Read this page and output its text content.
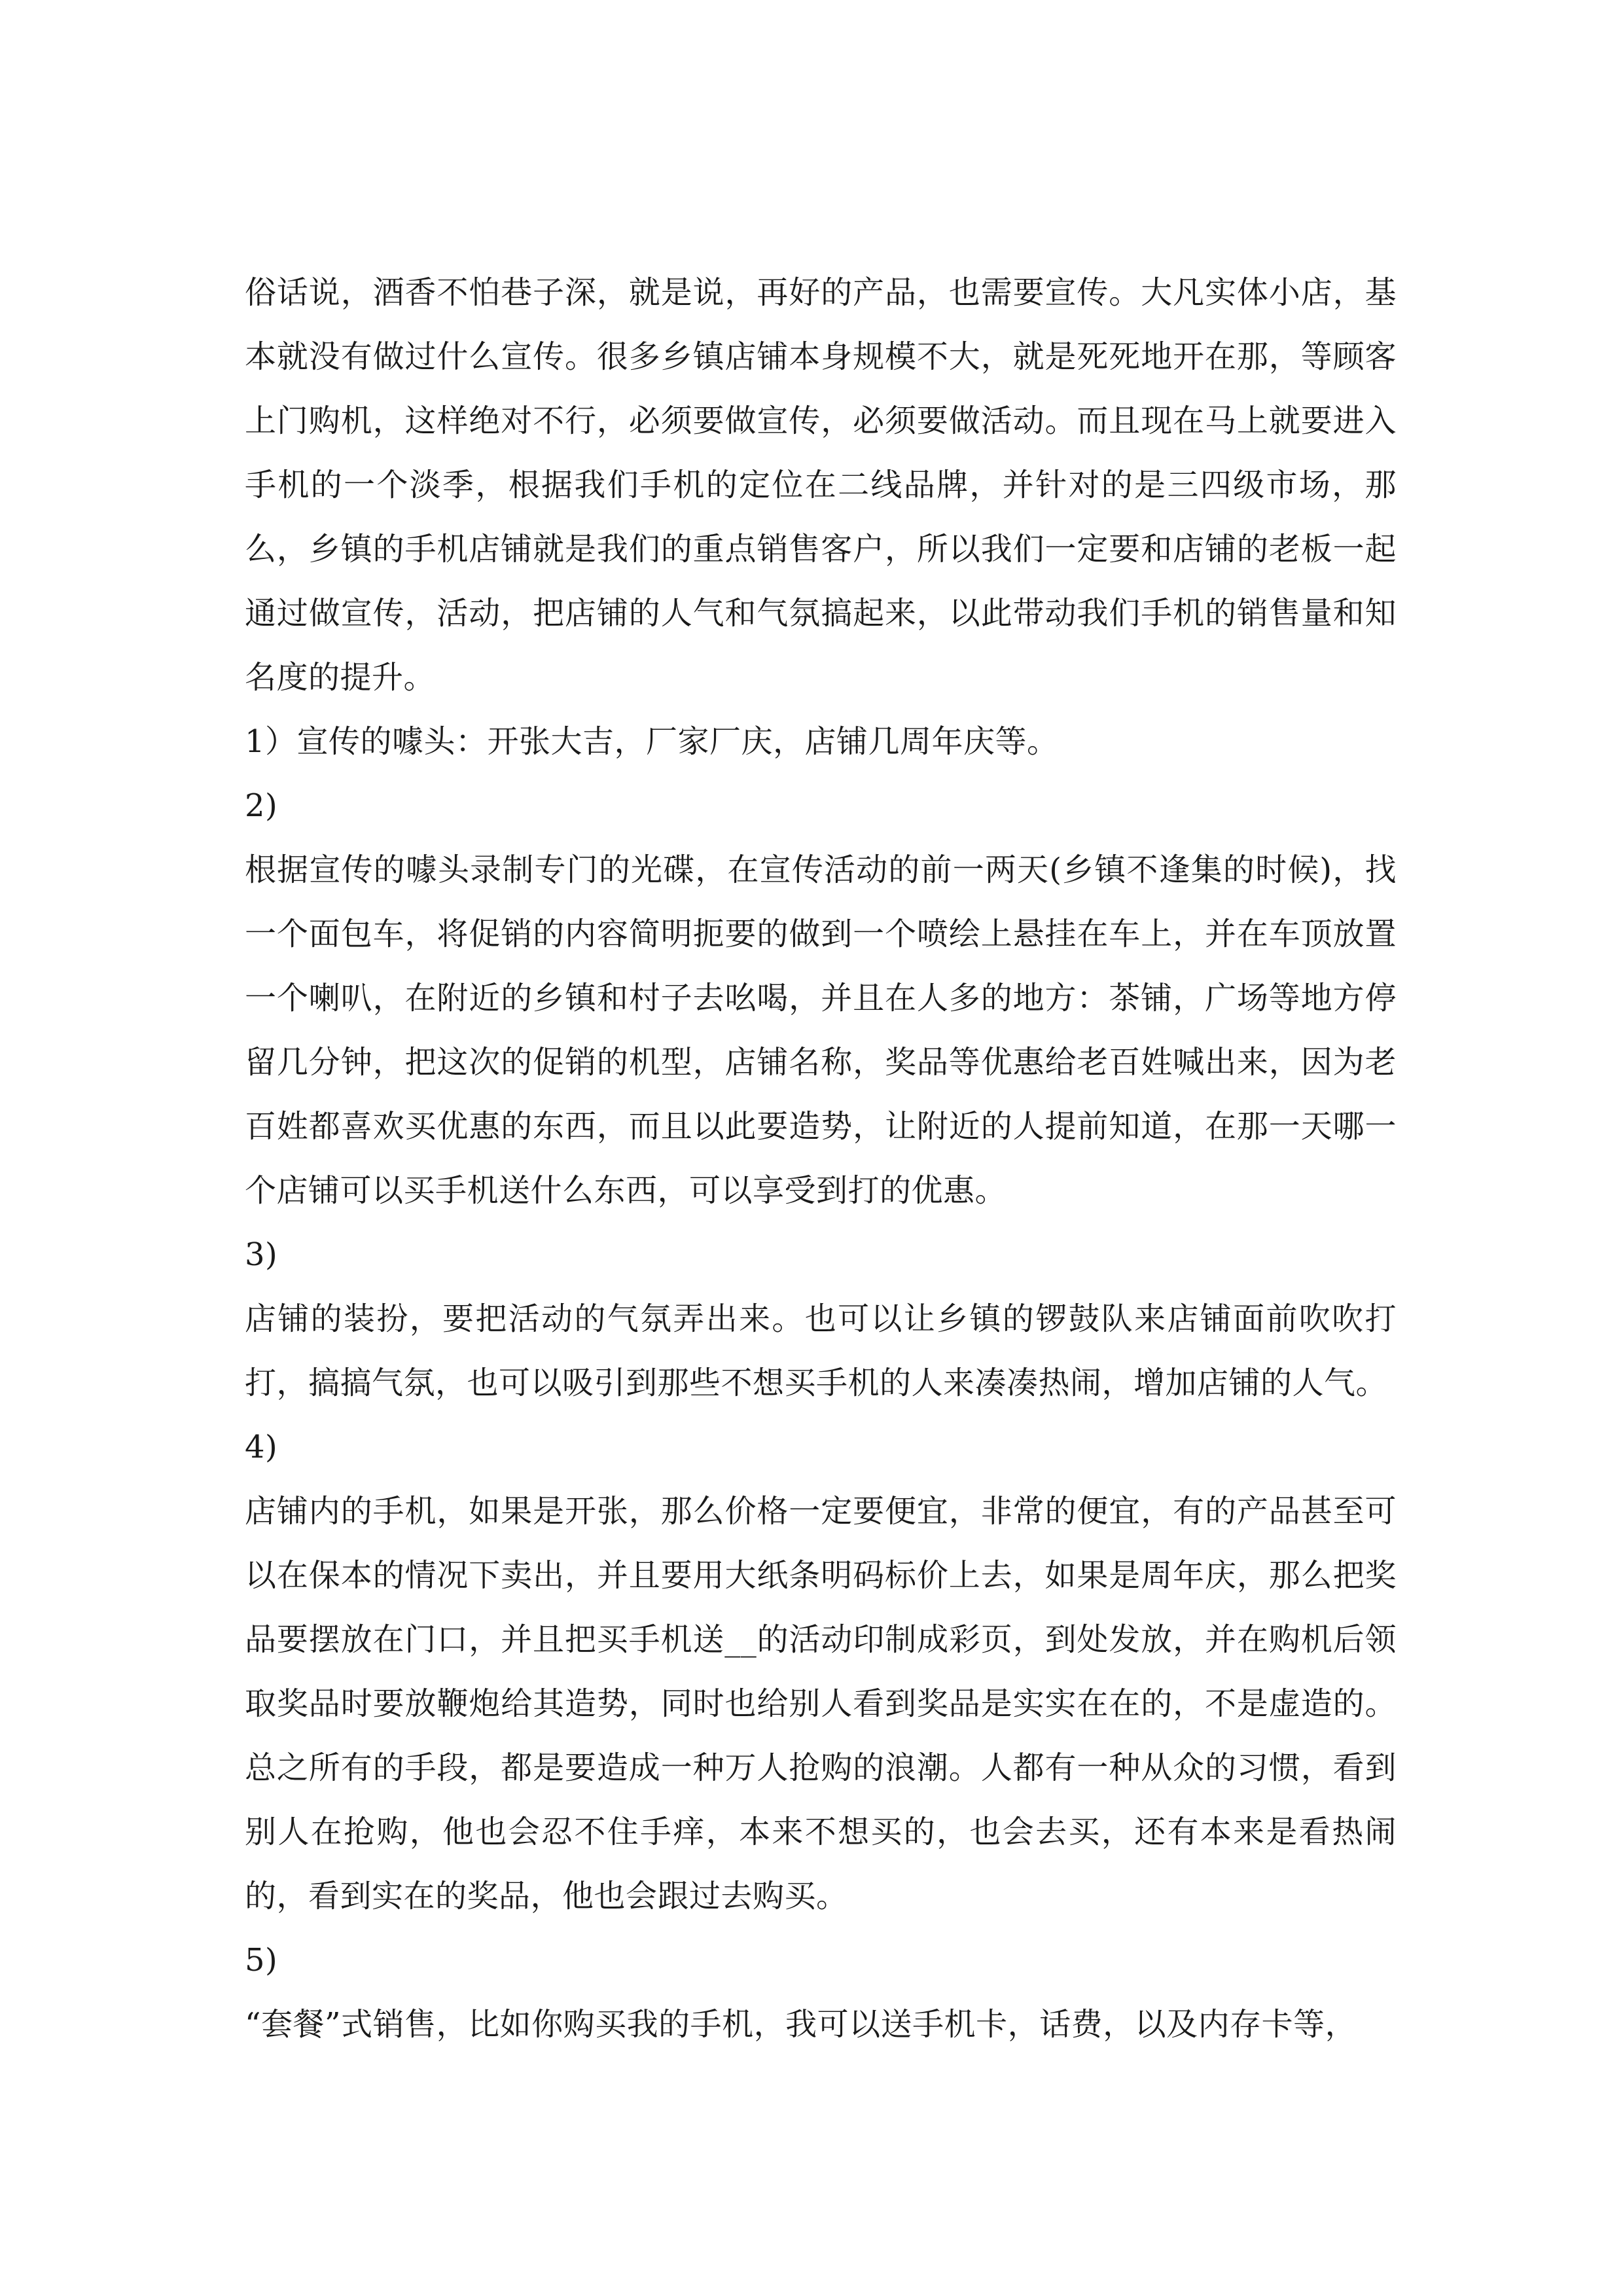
俗话说，酒香不怕巷子深，就是说，再好的产品，也需要宣传。大凡实体小店，基本就没有做过什么宣传。很多乡镇店铺本身规模不大，就是死死地开在那，等顾客上门购机，这样绝对不行，必须要做宣传，必须要做活动。而且现在马上就要进入手机的一个淡季，根据我们手机的定位在二线品牌，并针对的是三四级市场，那么，乡镇的手机店铺就是我们的重点销售客户，所以我们一定要和店铺的老板一起通过做宣传，活动，把店铺的人气和气氛搞起来，以此带动我们手机的销售量和知名度的提升。

1）宣传的噱头：开张大吉，厂家厂庆，店铺几周年庆等。

2)

根据宣传的噱头录制专门的光碟，在宣传活动的前一两天(乡镇不逢集的时候)，找一个面包车，将促销的内容简明扼要的做到一个喷绘上悬挂在车上，并在车顶放置一个喇叭，在附近的乡镇和村子去吆喝，并且在人多的地方：茶铺，广场等地方停留几分钟，把这次的促销的机型，店铺名称，奖品等优惠给老百姓喊出来，因为老百姓都喜欢买优惠的东西，而且以此要造势，让附近的人提前知道，在那一天哪一个店铺可以买手机送什么东西，可以享受到打的优惠。

3)

店铺的装扮，要把活动的气氛弄出来。也可以让乡镇的锣鼓队来店铺面前吹吹打打，搞搞气氛，也可以吸引到那些不想买手机的人来凑凑热闹，增加店铺的人气。

4)

店铺内的手机，如果是开张，那么价格一定要便宜，非常的便宜，有的产品甚至可以在保本的情况下卖出，并且要用大纸条明码标价上去，如果是周年庆，那么把奖品要摆放在门口，并且把买手机送__的活动印制成彩页，到处发放，并在购机后领取奖品时要放鞭炮给其造势，同时也给别人看到奖品是实实在在的，不是虚造的。总之所有的手段，都是要造成一种万人抢购的浪潮。人都有一种从众的习惯，看到别人在抢购，他也会忍不住手痒，本来不想买的，也会去买，还有本来是看热闹的，看到实在的奖品，他也会跟过去购买。

5)

“套餐”式销售，比如你购买我的手机，我可以送手机卡，话费，以及内存卡等，
